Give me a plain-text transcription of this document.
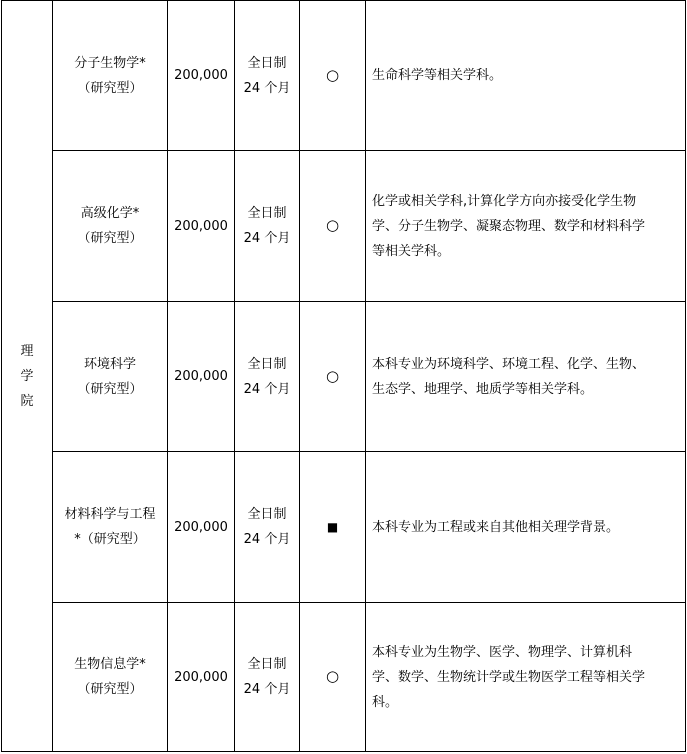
理
学
院	分子生物学*
（研究型）	200,000	全日制
24 个月	○	生命科学等相关学科。

	高级化学*
（研究型）	200,000	全日制
24 个月	○	化学或相关学科,计算化学方向亦接受化学生物
学、分子生物学、凝聚态物理、数学和材料科学
等相关学科。

	环境科学
（研究型）	200,000	全日制
24 个月	○	本科专业为环境科学、环境工程、化学、生物、
生态学、地理学、地质学等相关学科。

	材料科学与工程
*（研究型）	200,000	全日制
24 个月	■	本科专业为工程或来自其他相关理学背景。

	生物信息学*
（研究型）	200,000	全日制
24 个月	○	本科专业为生物学、医学、物理学、计算机科
学、数学、生物统计学或生物医学工程等相关学
科。
